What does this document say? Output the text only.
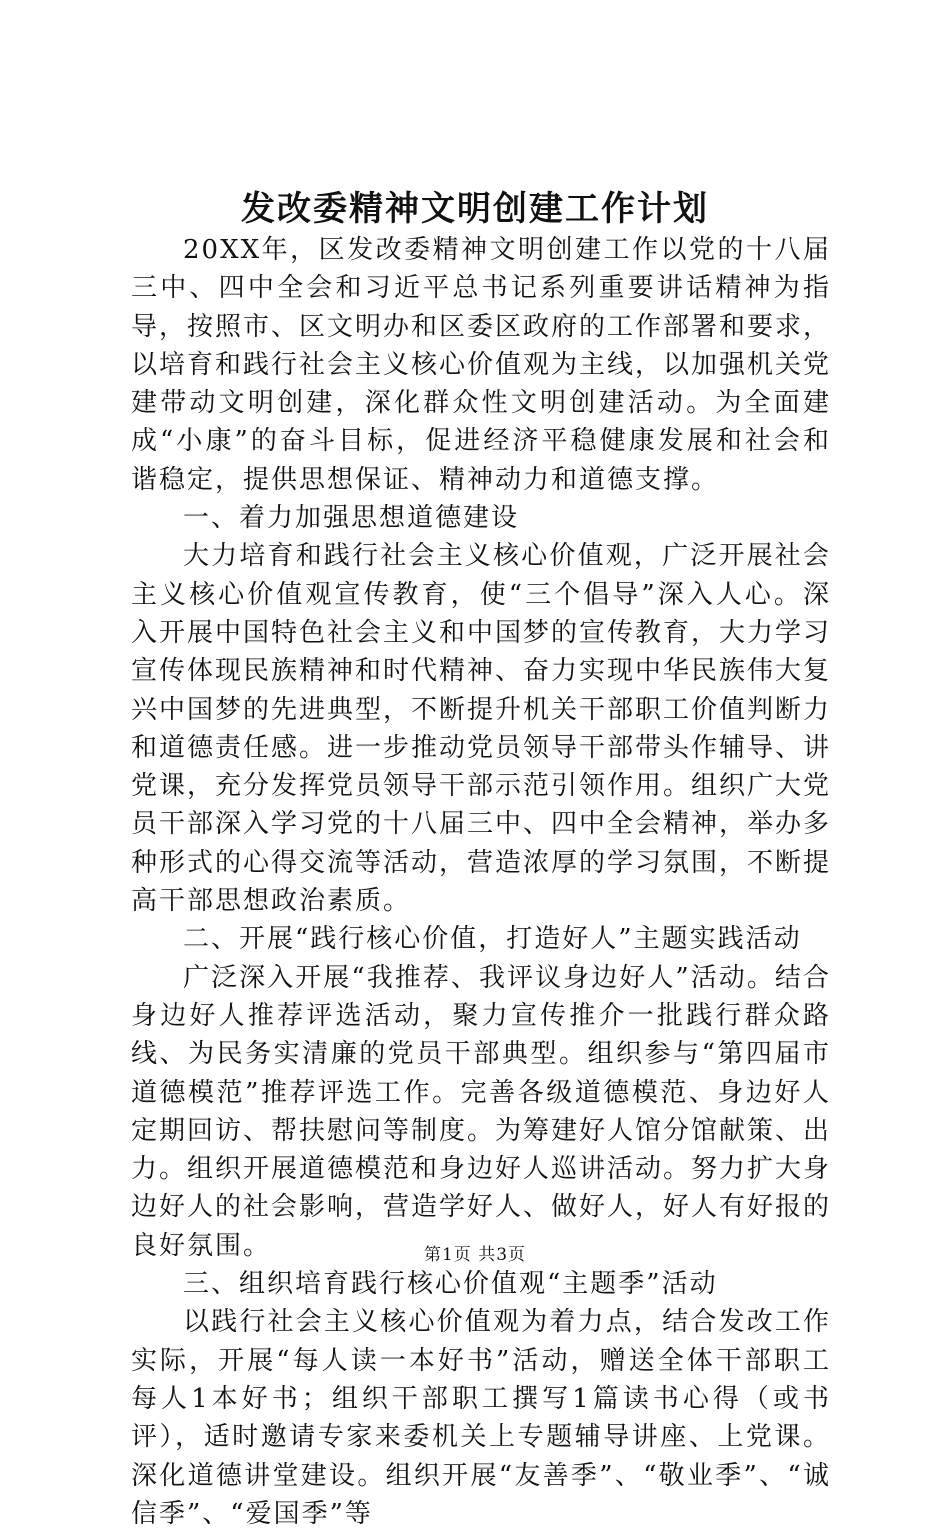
发改委精神文明创建工作计划

20XX年，区发改委精神文明创建工作以党的十八届三中、四中全会和习近平总书记系列重要讲话精神为指导，按照市、区文明办和区委区政府的工作部署和要求，以培育和践行社会主义核心价值观为主线，以加强机关党建带动文明创建，深化群众性文明创建活动。为全面建成“小康”的奋斗目标，促进经济平稳健康发展和社会和谐稳定，提供思想保证、精神动力和道德支撑。

一、着力加强思想道德建设

大力培育和践行社会主义核心价值观，广泛开展社会主义核心价值观宣传教育，使“三个倡导”深入人心。深入开展中国特色社会主义和中国梦的宣传教育，大力学习宣传体现民族精神和时代精神、奋力实现中华民族伟大复兴中国梦的先进典型，不断提升机关干部职工价值判断力和道德责任感。进一步推动党员领导干部带头作辅导、讲党课，充分发挥党员领导干部示范引领作用。组织广大党员干部深入学习党的十八届三中、四中全会精神，举办多种形式的心得交流等活动，营造浓厚的学习氛围，不断提高干部思想政治素质。

二、开展“践行核心价值，打造好人”主题实践活动

广泛深入开展“我推荐、我评议身边好人”活动。结合身边好人推荐评选活动，聚力宣传推介一批践行群众路线、为民务实清廉的党员干部典型。组织参与“第四届市道德模范”推荐评选工作。完善各级道德模范、身边好人定期回访、帮扶慰问等制度。为筹建好人馆分馆献策、出力。组织开展道德模范和身边好人巡讲活动。努力扩大身边好人的社会影响，营造学好人、做好人，好人有好报的良好氛围。

三、组织培育践行核心价值观“主题季”活动

以践行社会主义核心价值观为着力点，结合发改工作实际，开展“每人读一本好书”活动，赠送全体干部职工每人1本好书；组织干部职工撰写1篇读书心得（或书评），适时邀请专家来委机关上专题辅导讲座、上党课。深化道德讲堂建设。组织开展“友善季”、“敬业季”、“诚信季”、“爱国季”等

第1页 共3页
